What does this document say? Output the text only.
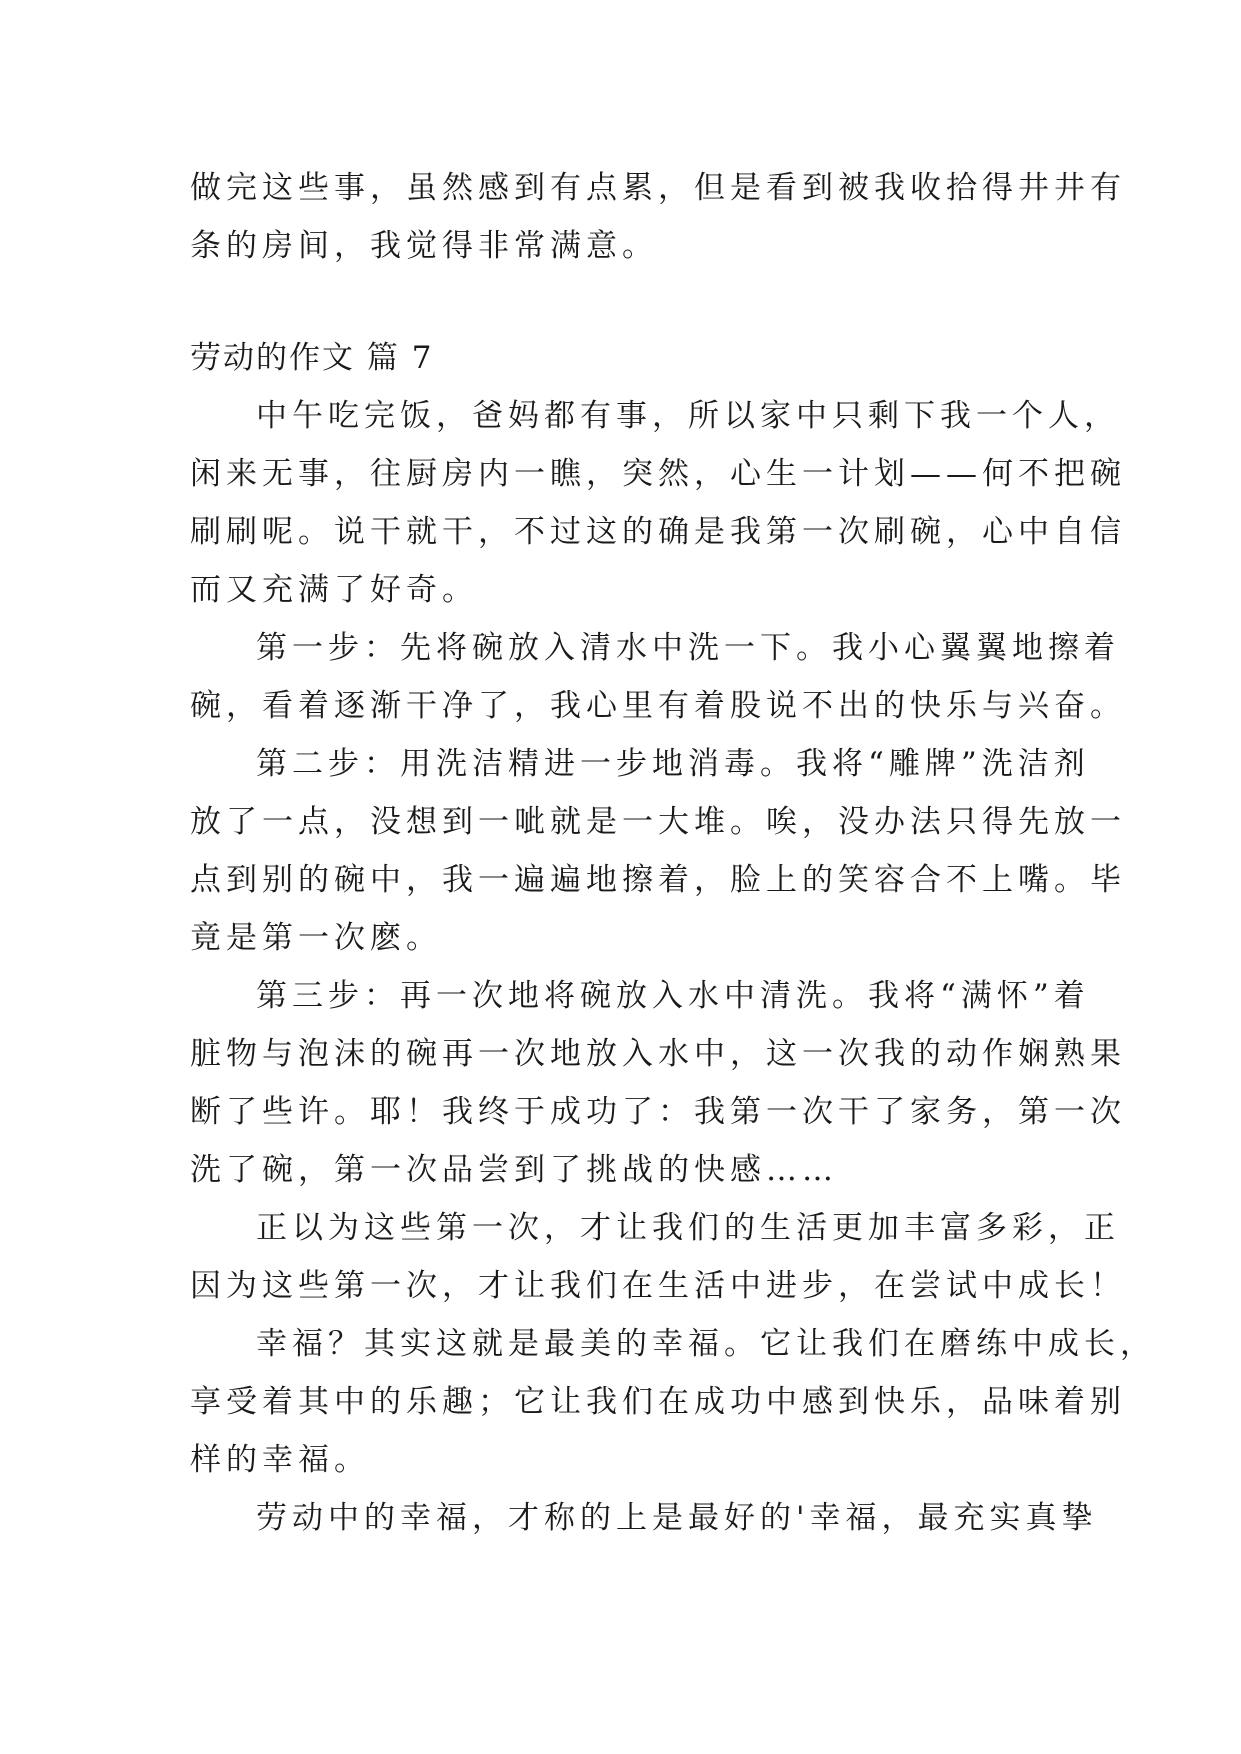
做完这些事，虽然感到有点累，但是看到被我收拾得井井有
条的房间，我觉得非常满意。
劳动的作文 篇 7
中午吃完饭，爸妈都有事，所以家中只剩下我一个人，
闲来无事，往厨房内一瞧，突然，心生一计划——何不把碗
刷刷呢。说干就干，不过这的确是我第一次刷碗，心中自信
而又充满了好奇。
第一步：先将碗放入清水中洗一下。我小心翼翼地擦着
碗，看着逐渐干净了，我心里有着股说不出的快乐与兴奋。
第二步：用洗洁精进一步地消毒。我将“雕牌”洗洁剂
放了一点，没想到一呲就是一大堆。唉，没办法只得先放一
点到别的碗中，我一遍遍地擦着，脸上的笑容合不上嘴。毕
竟是第一次麽。
第三步：再一次地将碗放入水中清洗。我将“满怀”着
脏物与泡沫的碗再一次地放入水中，这一次我的动作娴熟果
断了些许。耶！我终于成功了：我第一次干了家务，第一次
洗了碗，第一次品尝到了挑战的快感……
正以为这些第一次，才让我们的生活更加丰富多彩，正
因为这些第一次，才让我们在生活中进步，在尝试中成长！
幸福？其实这就是最美的幸福。它让我们在磨练中成长，
享受着其中的乐趣；它让我们在成功中感到快乐，品味着别
样的幸福。
劳动中的幸福，才称的上是最好的'幸福，最充实真挚
